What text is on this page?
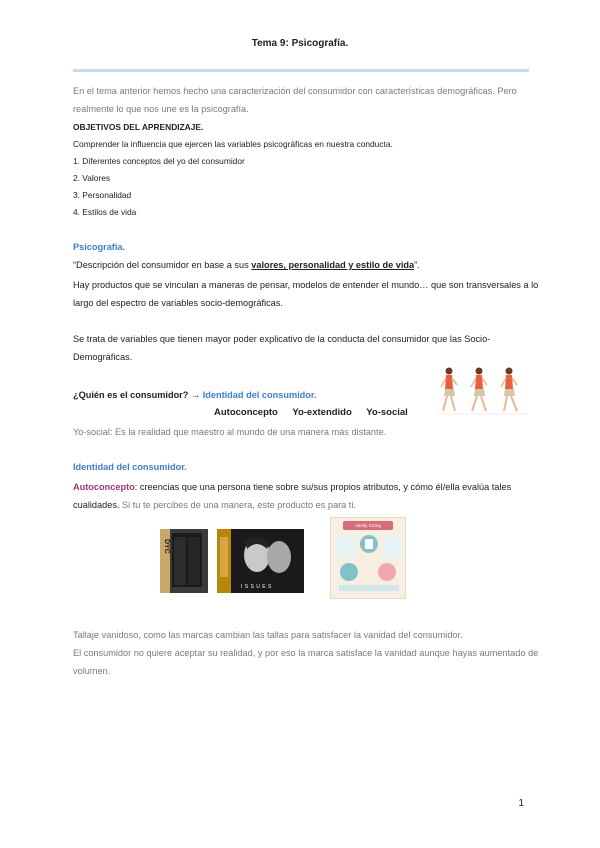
Tema 9: Psicografía.
En el tema anterior hemos hecho una caracterización del consumidor con características demográficas. Pero realmente lo que nos une es la psicografía.
OBJETIVOS DEL APRENDIZAJE.
Comprender la influencia que ejercen las variables psicográficas en nuestra conducta.
1. Diferentes conceptos del yo del consumidor
2. Valores
3. Personalidad
4. Estilos de vida
Psicografía.
“Descripción del consumidor en base a sus valores, personalidad y estilo de vida”.
Hay productos que se vinculan a maneras de pensar, modelos de entender el mundo… que son transversales a lo largo del espectro de variables socio-demográficas.
Se trata de variables que tienen mayor poder explicativo de la conducta del consumidor que las Socio-Demográficas.
¿Quién es el consumidor? → Identidad del consumidor.
Autoconcepto Yo-extendido Yo-social
Yo-social: Es la realidad que maestro al mundo de una manera más distante.
Identidad del consumidor.
Autoconcepto: creencias que una persona tiene sobre su/sus propios atributos, y cómo él/ella evalúa tales cualidades. Si tu te percibes de una manera, este producto es para ti.
DYC
I S S U E S
Vanity Sizing
Tallaje vanidoso, como las marcas cambian las tallas para satisfacer la vanidad del consumidor.
El consumidor no quiere aceptar su realidad, y por eso la marca satisface la vanidad aunque hayas aumentado de volumen.
1
